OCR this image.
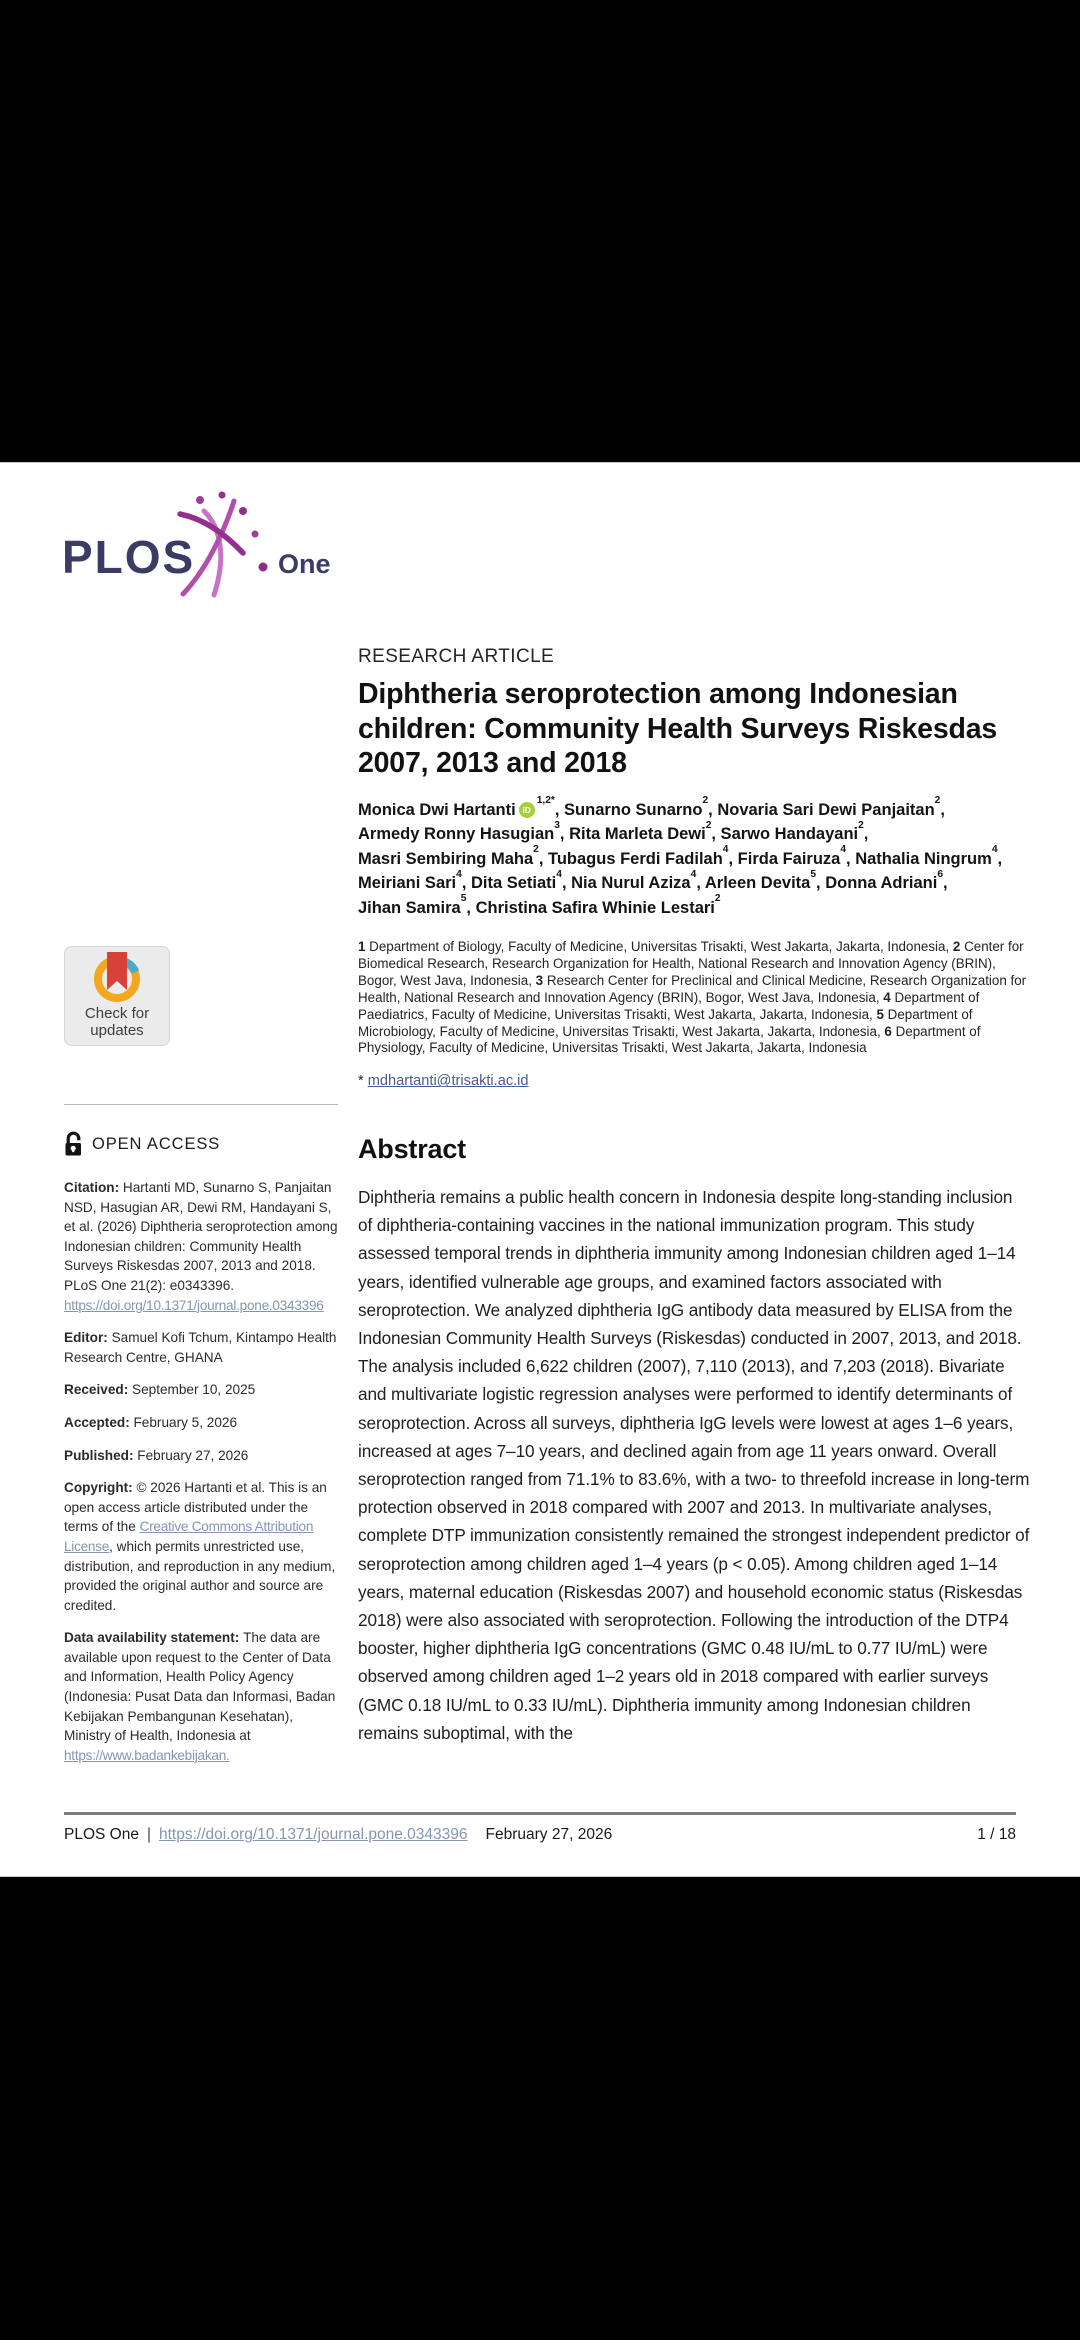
PLOS	One
RESEARCH ARTICLE
Diphtheria seroprotection among Indonesian children: Community Health Surveys Riskesdas 2007, 2013 and 2018
Monica Dwi Hartanti $iD^{1,2*}$, Sunarno Sunarno$^2$, Novaria Sari Dewi Panjaitan$^2$,
Armedy Ronny Hasugian$^3$, Rita Marleta Dewi$^2$, Sarwo Handayani$^2$,
Masri Sembiring Maha$^2$, Tubagus Ferdi Fadilah$^4$, Firda Fairuza$^4$, Nathalia Ningrum$^4$,
Meiriani Sari$^4$, Dita Setiati$^4$, Nia Nurul Aziza$^4$, Arleen Devita$^5$, Donna Adriani$^6$,
Jihan Samira$^5$, Christina Safira Whinie Lestari$^2$
1 Department of Biology, Faculty of Medicine, Universitas Trisakti, West Jakarta, Jakarta, Indonesia, 2 Center for Biomedical Research, Research Organization for Health, National Research and Innovation Agency (BRIN), Bogor, West Java, Indonesia, 3 Research Center for Preclinical and Clinical Medicine, Research Organization for Health, National Research and Innovation Agency (BRIN), Bogor, West Java, Indonesia, 4 Department of Paediatrics, Faculty of Medicine, Universitas Trisakti, West Jakarta, Jakarta, Indonesia, 5 Department of Microbiology, Faculty of Medicine, Universitas Trisakti, West Jakarta, Jakarta, Indonesia, 6 Department of Physiology, Faculty of Medicine, Universitas Trisakti, West Jakarta, Jakarta, Indonesia
* mdhartanti@trisakti.ac.id
Check for
updates
OPEN ACCESS

Citation: Hartanti MD, Sunarno S, Panjaitan NSD, Hasugian AR, Dewi RM, Handayani S, et al. (2026) Diphtheria seroprotection among Indonesian children: Community Health Surveys Riskesdas 2007, 2013 and 2018. PLoS One 21(2): e0343396. https://doi.org/10.1371/journal.pone.0343396

Editor: Samuel Kofi Tchum, Kintampo Health Research Centre, GHANA

Received: September 10, 2025

Accepted: February 5, 2026

Published: February 27, 2026

Copyright: © 2026 Hartanti et al. This is an open access article distributed under the terms of the Creative Commons Attribution License, which permits unrestricted use, distribution, and reproduction in any medium, provided the original author and source are credited.

Data availability statement: The data are available upon request to the Center of Data and Information, Health Policy Agency (Indonesia: Pusat Data dan Informasi, Badan Kebijakan Pembangunan Kesehatan), Ministry of Health, Indonesia at https://www.badankebijakan.

Abstract

Diphtheria remains a public health concern in Indonesia despite long-standing inclusion of diphtheria-containing vaccines in the national immunization program. This study assessed temporal trends in diphtheria immunity among Indonesian children aged 1–14 years, identified vulnerable age groups, and examined factors associated with seroprotection. We analyzed diphtheria IgG antibody data measured by ELISA from the Indonesian Community Health Surveys (Riskesdas) conducted in 2007, 2013, and 2018. The analysis included 6,622 children (2007), 7,110 (2013), and 7,203 (2018). Bivariate and multivariate logistic regression analyses were performed to identify determinants of seroprotection. Across all surveys, diphtheria IgG levels were lowest at ages 1–6 years, increased at ages 7–10 years, and declined again from age 11 years onward. Overall seroprotection ranged from 71.1% to 83.6%, with a two- to threefold increase in long-term protection observed in 2018 compared with 2007 and 2013. In multivariate analyses, complete DTP immunization consistently remained the strongest independent predictor of seroprotection among children aged 1–4 years (p < 0.05). Among children aged 1–14 years, maternal education (Riskesdas 2007) and household economic status (Riskesdas 2018) were also associated with seroprotection. Following the introduction of the DTP4 booster, higher diphtheria IgG concentrations (GMC 0.48 IU/mL to 0.77 IU/mL) were observed among children aged 1–2 years old in 2018 compared with earlier surveys (GMC 0.18 IU/mL to 0.33 IU/mL). Diphtheria immunity among Indonesian children remains suboptimal, with the

PLOS One | https://doi.org/10.1371/journal.pone.0343396 February 27, 2026	1 / 18
